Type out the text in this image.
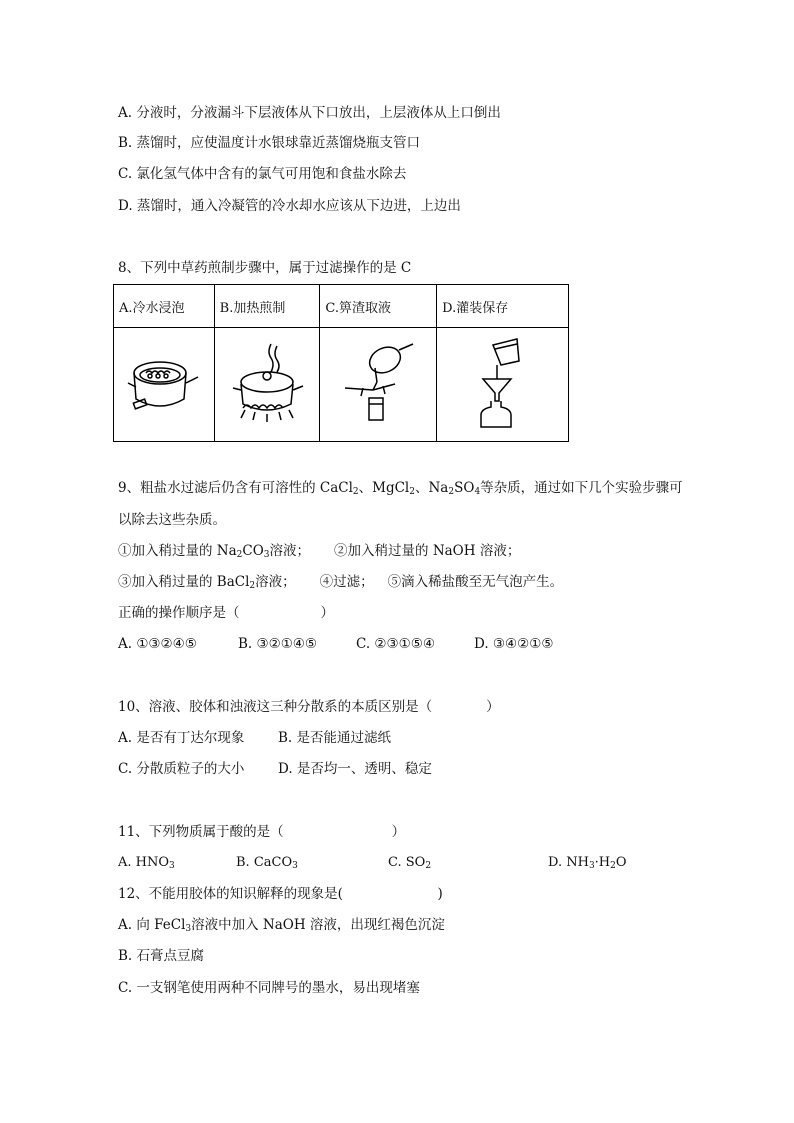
A. 分液时，分液漏斗下层液体从下口放出，上层液体从上口倒出
B. 蒸馏时，应使温度计水银球靠近蒸馏烧瓶支管口
C. 氯化氢气体中含有的氯气可用饱和食盐水除去
D. 蒸馏时，通入冷凝管的冷水却水应该从下边进，上边出
8、下列中草药煎制步骤中，属于过滤操作的是 C
A.冷水浸泡	B.加热煎制	C.箅渣取液	D.灌装保存

9、粗盐水过滤后仍含有可溶性的 CaCl$_2$、MgCl$_2$、$Na_2SO_4$等杂质，通过如下几个实验步骤可
以除去这些杂质。
①加入稍过量的 $Na_2CO_3$溶液； ②加入稍过量的 NaOH 溶液；
③加入稍过量的 BaCl$_2$溶液； ④过滤； ⑤滴入稀盐酸至无气泡产生。
正确的操作顺序是（　　　　　　）
A. ①③②④⑤	B. ③②①④⑤	C. ②③①⑤④	D. ③④②①⑤
10、溶液、胶体和浊液这三种分散系的本质区别是（　　　　）
A. 是否有丁达尔现象 B. 是否能通过滤纸
C. 分散质粒子的大小 D. 是否均一、透明、稳定
11、下列物质属于酸的是（　　　　　　　　）
A. $HNO_3$	B. CaCO$_3$	C. $SO_2$	D. $NH_3\cdot H_2O$
12、不能用胶体的知识解释的现象是(　　　　　　　)
A. 向 FeCl$_3$溶液中加入 NaOH 溶液，出现红褐色沉淀
B. 石膏点豆腐
C. 一支钢笔使用两种不同牌号的墨水，易出现堵塞
